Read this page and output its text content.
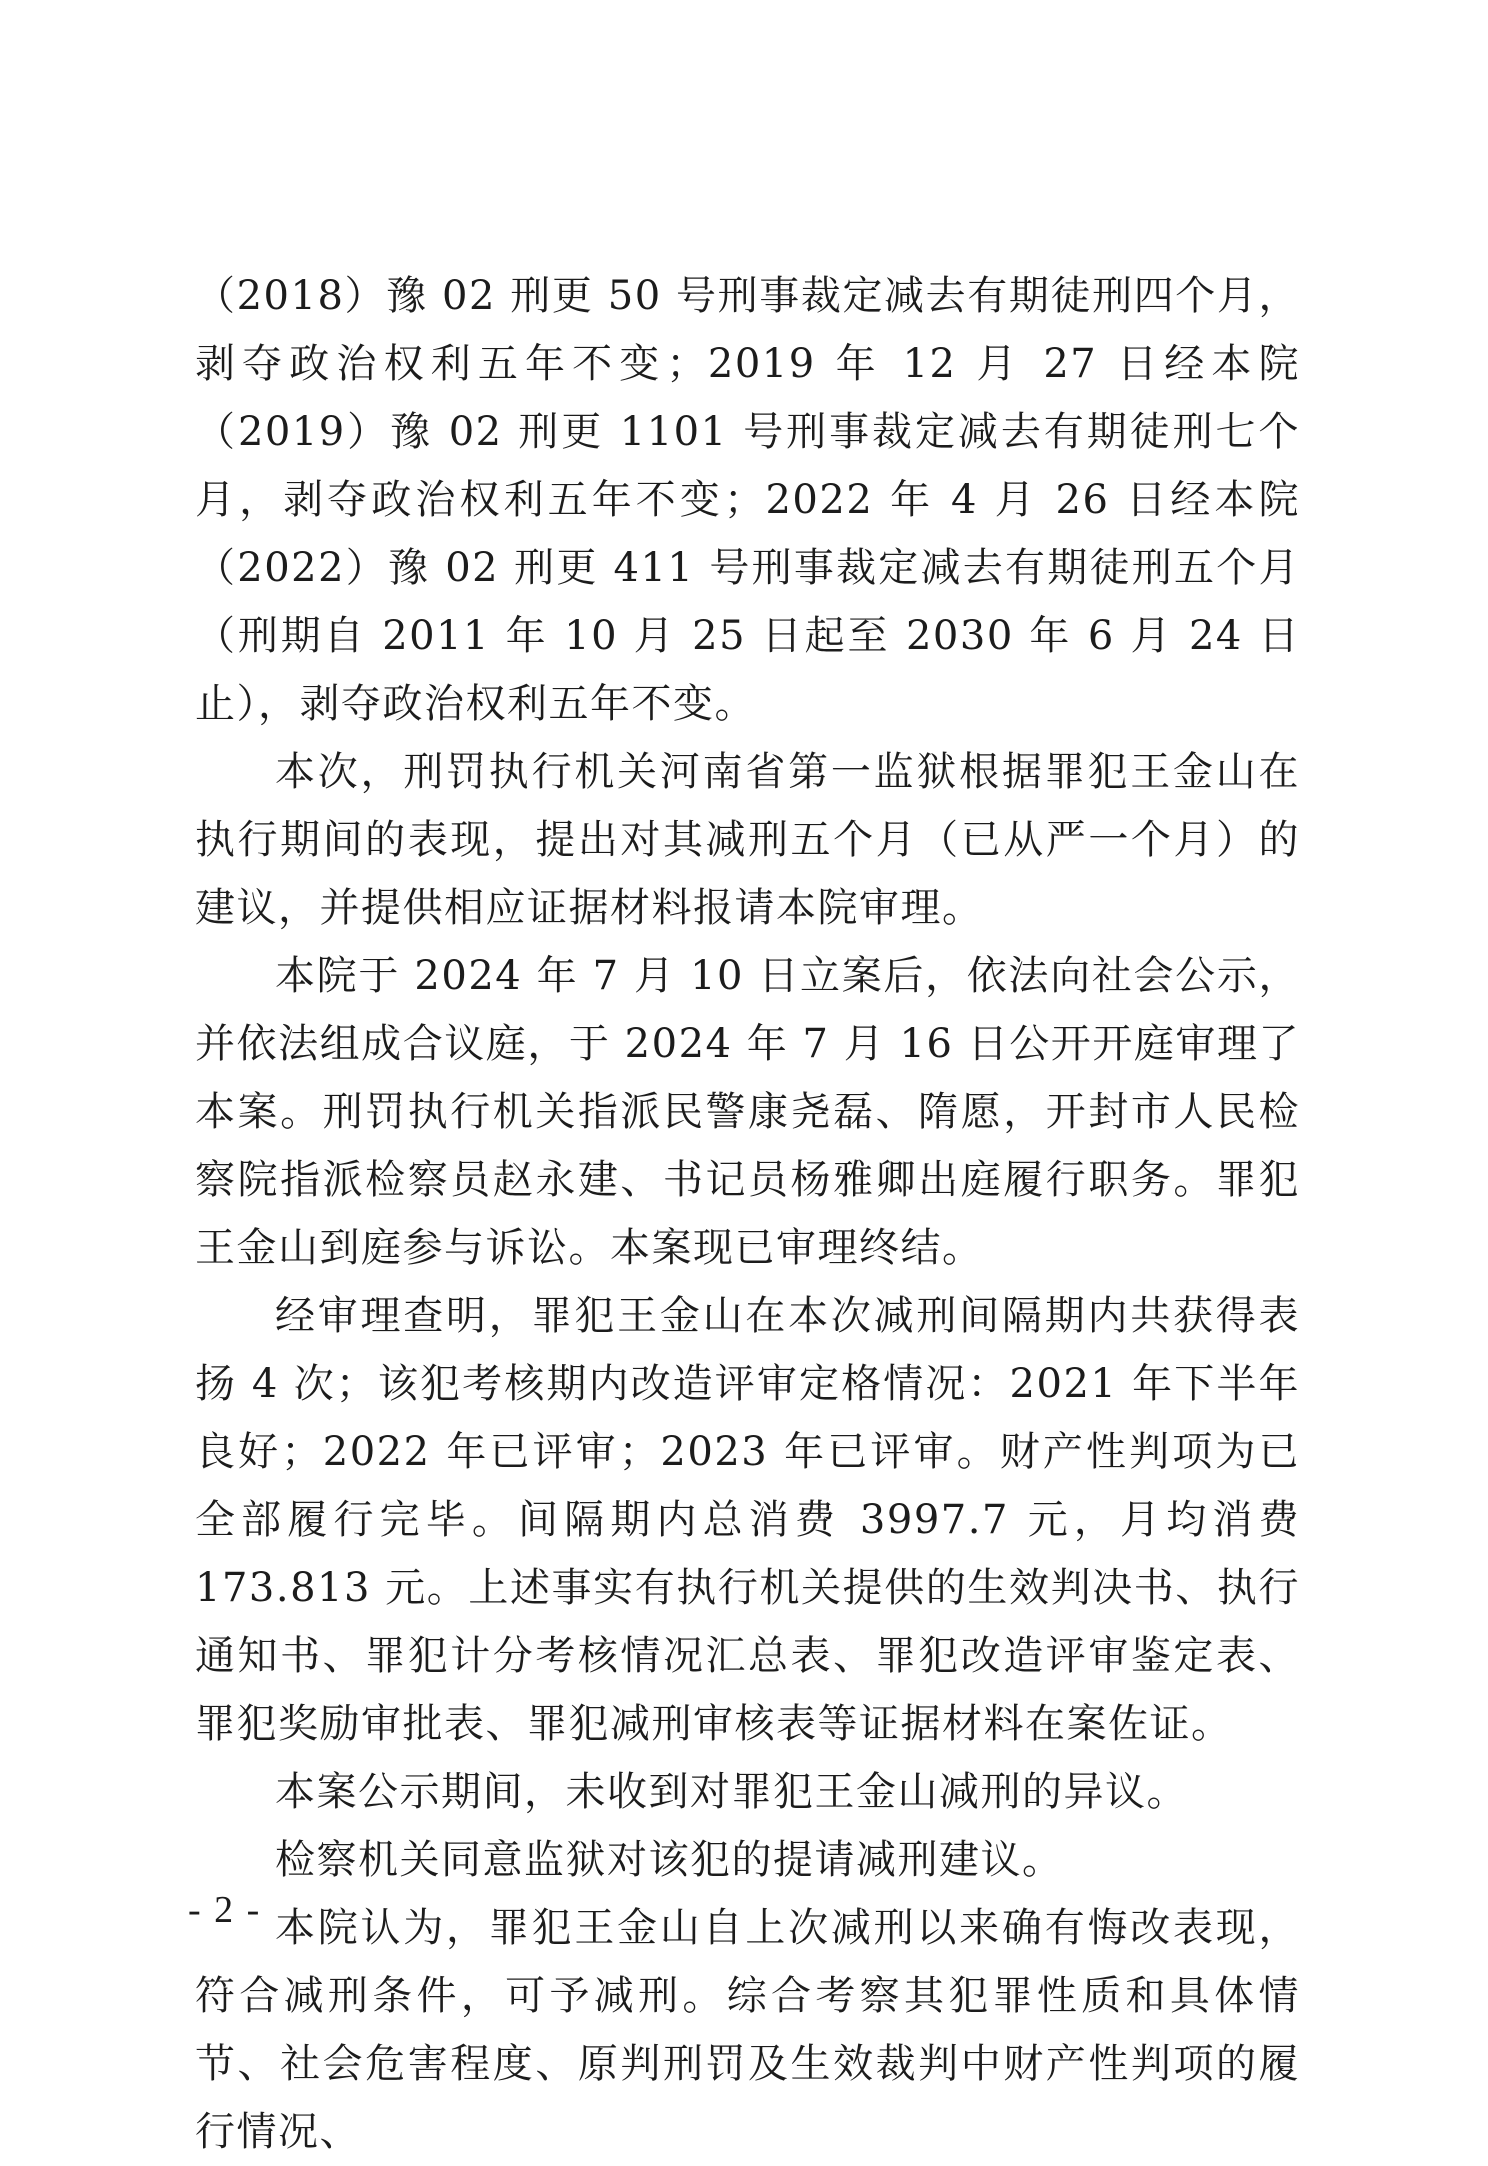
（2018）豫 02 刑更 50 号刑事裁定减去有期徒刑四个月，剥夺政治权利五年不变；2019 年 12 月 27 日经本院（2019）豫 02 刑更 1101 号刑事裁定减去有期徒刑七个月，剥夺政治权利五年不变；2022 年 4 月 26 日经本院（2022）豫 02 刑更 411 号刑事裁定减去有期徒刑五个月（刑期自 2011 年 10 月 25 日起至 2030 年 6 月 24 日止），剥夺政治权利五年不变。

本次，刑罚执行机关河南省第一监狱根据罪犯王金山在执行期间的表现，提出对其减刑五个月（已从严一个月）的建议，并提供相应证据材料报请本院审理。

本院于 2024 年 7 月 10 日立案后，依法向社会公示，并依法组成合议庭，于 2024 年 7 月 16 日公开开庭审理了本案。刑罚执行机关指派民警康尧磊、隋愿，开封市人民检察院指派检察员赵永建、书记员杨雅卿出庭履行职务。罪犯王金山到庭参与诉讼。本案现已审理终结。

经审理查明，罪犯王金山在本次减刑间隔期内共获得表扬 4 次；该犯考核期内改造评审定格情况：2021 年下半年良好；2022 年已评审；2023 年已评审。财产性判项为已全部履行完毕。间隔期内总消费 3997.7 元，月均消费 173.813 元。上述事实有执行机关提供的生效判决书、执行通知书、罪犯计分考核情况汇总表、罪犯改造评审鉴定表、罪犯奖励审批表、罪犯减刑审核表等证据材料在案佐证。

本案公示期间，未收到对罪犯王金山减刑的异议。

检察机关同意监狱对该犯的提请减刑建议。

本院认为，罪犯王金山自上次减刑以来确有悔改表现，符合减刑条件，可予减刑。综合考察其犯罪性质和具体情节、社会危害程度、原判刑罚及生效裁判中财产性判项的履行情况、

- 2 -
